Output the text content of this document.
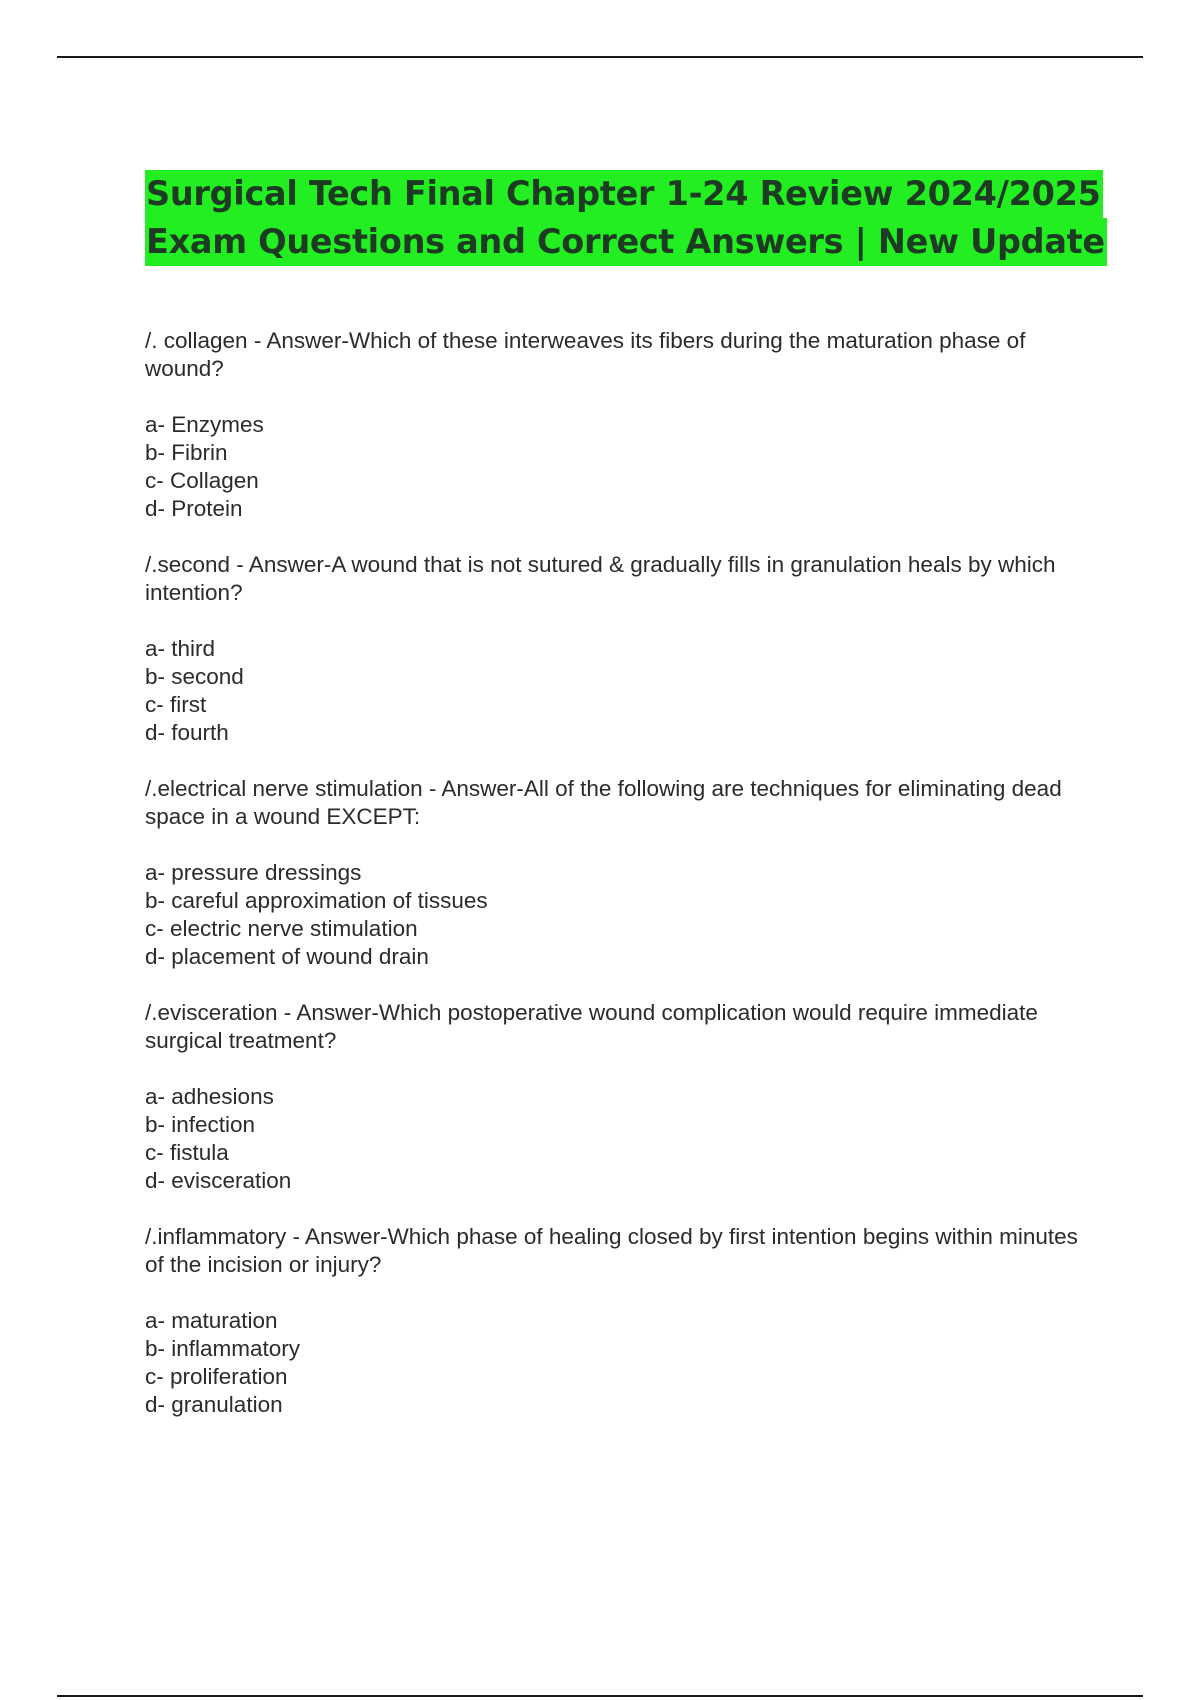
Surgical Tech Final Chapter 1-24 Review 2024/2025
Exam Questions and Correct Answers | New Update
/. collagen - Answer-Which of these interweaves its fibers during the maturation phase of wound?
a- Enzymes
b- Fibrin
c- Collagen
d- Protein
/.second - Answer-A wound that is not sutured & gradually fills in granulation heals by which intention?
a- third
b- second
c- first
d- fourth
/.electrical nerve stimulation - Answer-All of the following are techniques for eliminating dead space in a wound EXCEPT:
a- pressure dressings
b- careful approximation of tissues
c- electric nerve stimulation
d- placement of wound drain
/.evisceration - Answer-Which postoperative wound complication would require immediate surgical treatment?
a- adhesions
b- infection
c- fistula
d- evisceration
/.inflammatory - Answer-Which phase of healing closed by first intention begins within minutes of the incision or injury?
a- maturation
b- inflammatory
c- proliferation
d- granulation
